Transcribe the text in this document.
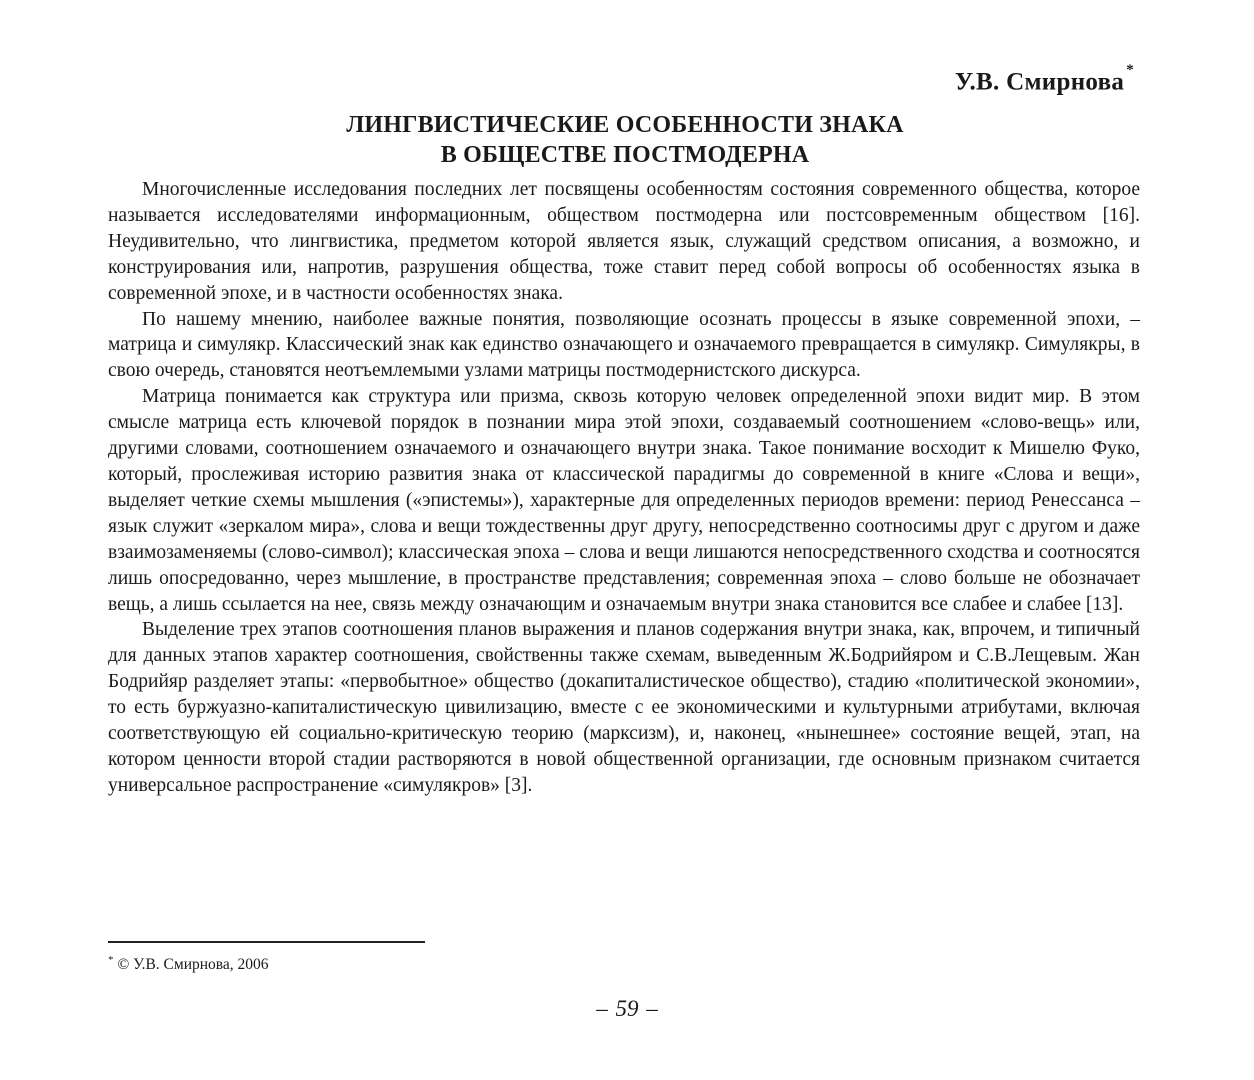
У.В. Смирнова *
ЛИНГВИСТИЧЕСКИЕ ОСОБЕННОСТИ ЗНАКА
В ОБЩЕСТВЕ ПОСТМОДЕРНА

Многочисленные исследования последних лет посвящены особенностям состояния современного общества, которое называется исследователями информационным, обществом постмодерна или постсовременным обществом [16]. Неудивительно, что лингвистика, предметом которой является язык, служащий средством описания, а возможно, и конструирования или, напротив, разрушения общества, тоже ставит перед собой вопросы об особенностях языка в современной эпохе, и в частности особенностях знака.

По нашему мнению, наиболее важные понятия, позволяющие осознать процессы в языке современной эпохи, – матрица и симулякр. Классический знак как единство означающего и означаемого превращается в симулякр. Симулякры, в свою очередь, становятся неотъемлемыми узлами матрицы постмодернистского дискурса.

Матрица понимается как структура или призма, сквозь которую человек определенной эпохи видит мир. В этом смысле матрица есть ключевой порядок в познании мира этой эпохи, создаваемый соотношением «слово-вещь» или, другими словами, соотношением означаемого и означающего внутри знака. Такое понимание восходит к Мишелю Фуко, который, прослеживая историю развития знака от классической парадигмы до современной в книге «Слова и вещи», выделяет четкие схемы мышления («эпистемы»), характерные для определенных периодов времени: период Ренессанса – язык служит «зеркалом мира», слова и вещи тождественны друг другу, непосредственно соотносимы друг с другом и даже взаимозаменяемы (слово-символ); классическая эпоха – слова и вещи лишаются непосредственного сходства и соотносятся лишь опосредованно, через мышление, в пространстве представления; современная эпоха – слово больше не обозначает вещь, а лишь ссылается на нее, связь между означающим и означаемым внутри знака становится все слабее и слабее [13].

Выделение трех этапов соотношения планов выражения и планов содержания внутри знака, как, впрочем, и типичный для данных этапов характер соотношения, свойственны также схемам, выведенным Ж.Бодрийяром и С.В.Лещевым. Жан Бодрийяр разделяет этапы: «первобытное» общество (докапиталистическое общество), стадию «политической экономии», то есть буржуазно-капиталистическую цивилизацию, вместе с ее экономическими и культурными атрибутами, включая соответствующую ей социально-критическую теорию (марксизм), и, наконец, «нынешнее» состояние вещей, этап, на котором ценности второй стадии растворяются в новой общественной организации, где основным признаком считается универсальное распространение «симулякров» [3].

* © У.В. Смирнова, 2006
– 59 –
